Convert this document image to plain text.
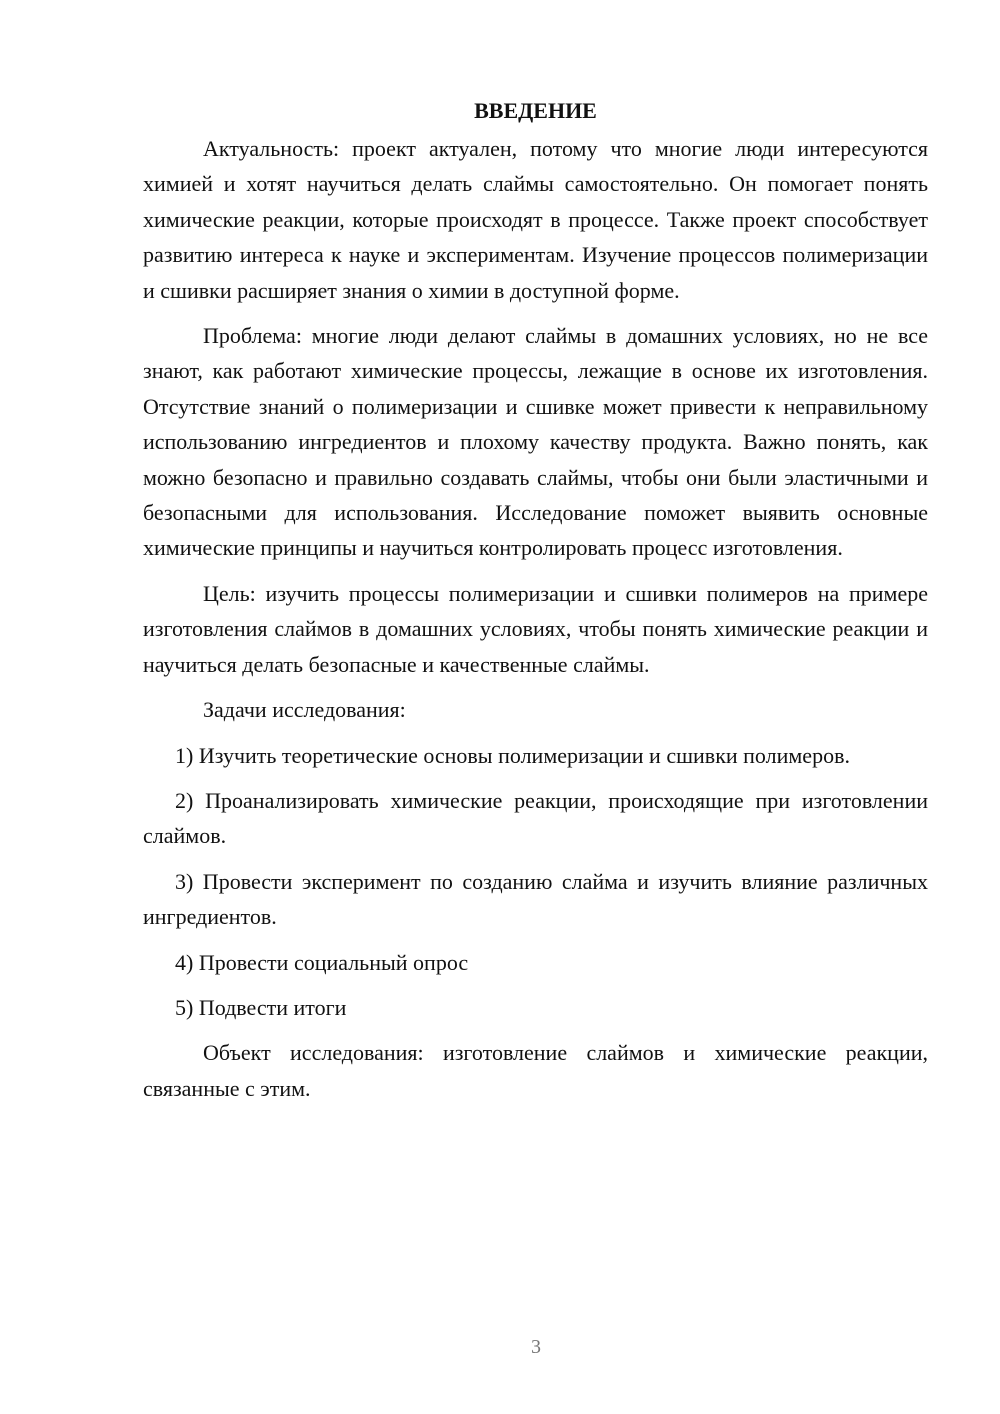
ВВЕДЕНИЕ

Актуальность: проект актуален, потому что многие люди интересуются химией и хотят научиться делать слаймы самостоятельно. Он помогает понять химические реакции, которые происходят в процессе. Также проект способствует развитию интереса к науке и экспериментам. Изучение процессов полимеризации и сшивки расширяет знания о химии в доступной форме.

Проблема: многие люди делают слаймы в домашних условиях, но не все знают, как работают химические процессы, лежащие в основе их изготовления. Отсутствие знаний о полимеризации и сшивке может привести к неправильному использованию ингредиентов и плохому качеству продукта. Важно понять, как можно безопасно и правильно создавать слаймы, чтобы они были эластичными и безопасными для использования. Исследование поможет выявить основные химические принципы и научиться контролировать процесс изготовления.

Цель: изучить процессы полимеризации и сшивки полимеров на примере изготовления слаймов в домашних условиях, чтобы понять химические реакции и научиться делать безопасные и качественные слаймы.

Задачи исследования:

1) Изучить теоретические основы полимеризации и сшивки полимеров.

2) Проанализировать химические реакции, происходящие при изготовлении слаймов.

3) Провести эксперимент по созданию слайма и изучить влияние различных ингредиентов.

4) Провести социальный опрос

5) Подвести итоги

Объект исследования: изготовление слаймов и химические реакции, связанные с этим.

3
